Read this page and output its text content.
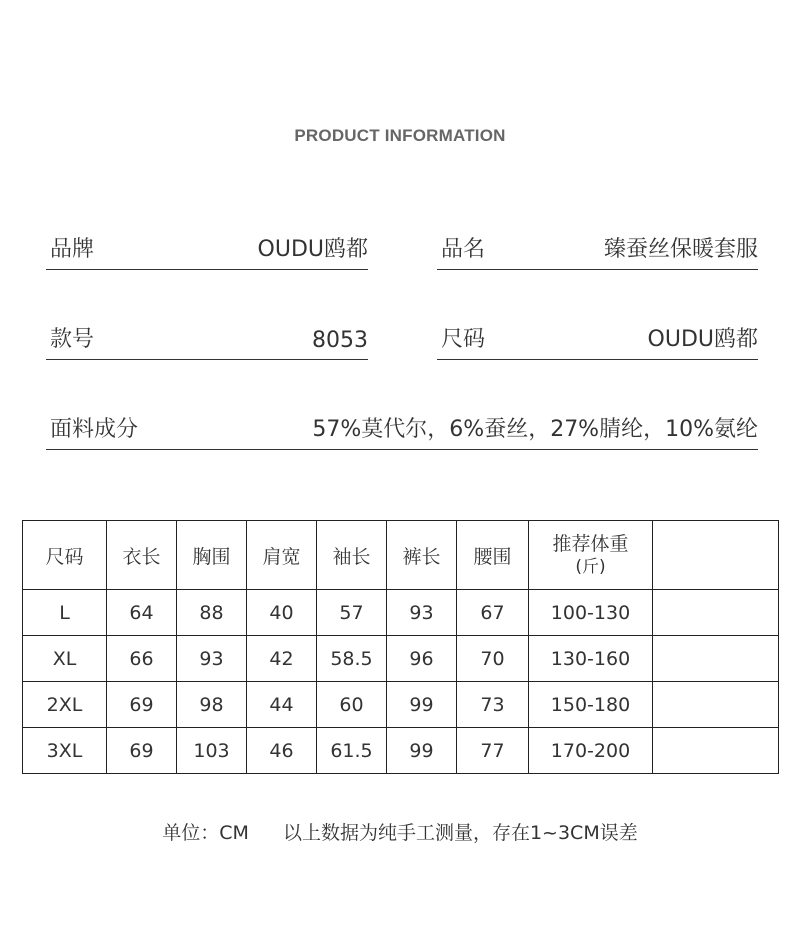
PRODUCT INFORMATION
品牌	OUDU鸥都	品名	臻蚕丝保暖套服
款号	8053	尺码	OUDU鸥都
面料成分	57%莫代尔，6%蚕丝，27%腈纶，10%氨纶
尺码	衣长	胸围	肩宽	袖长	裤长	腰围	推荐体重
(斤)	

L	64	88	40	57	93	67	100-130	
XL	66	93	42	58.5	96	70	130-160	
2XL	69	98	44	60	99	73	150-180	
3XL	69	103	46	61.5	99	77	170-200	
单位：CM 以上数据为纯手工测量，存在1~3CM误差
